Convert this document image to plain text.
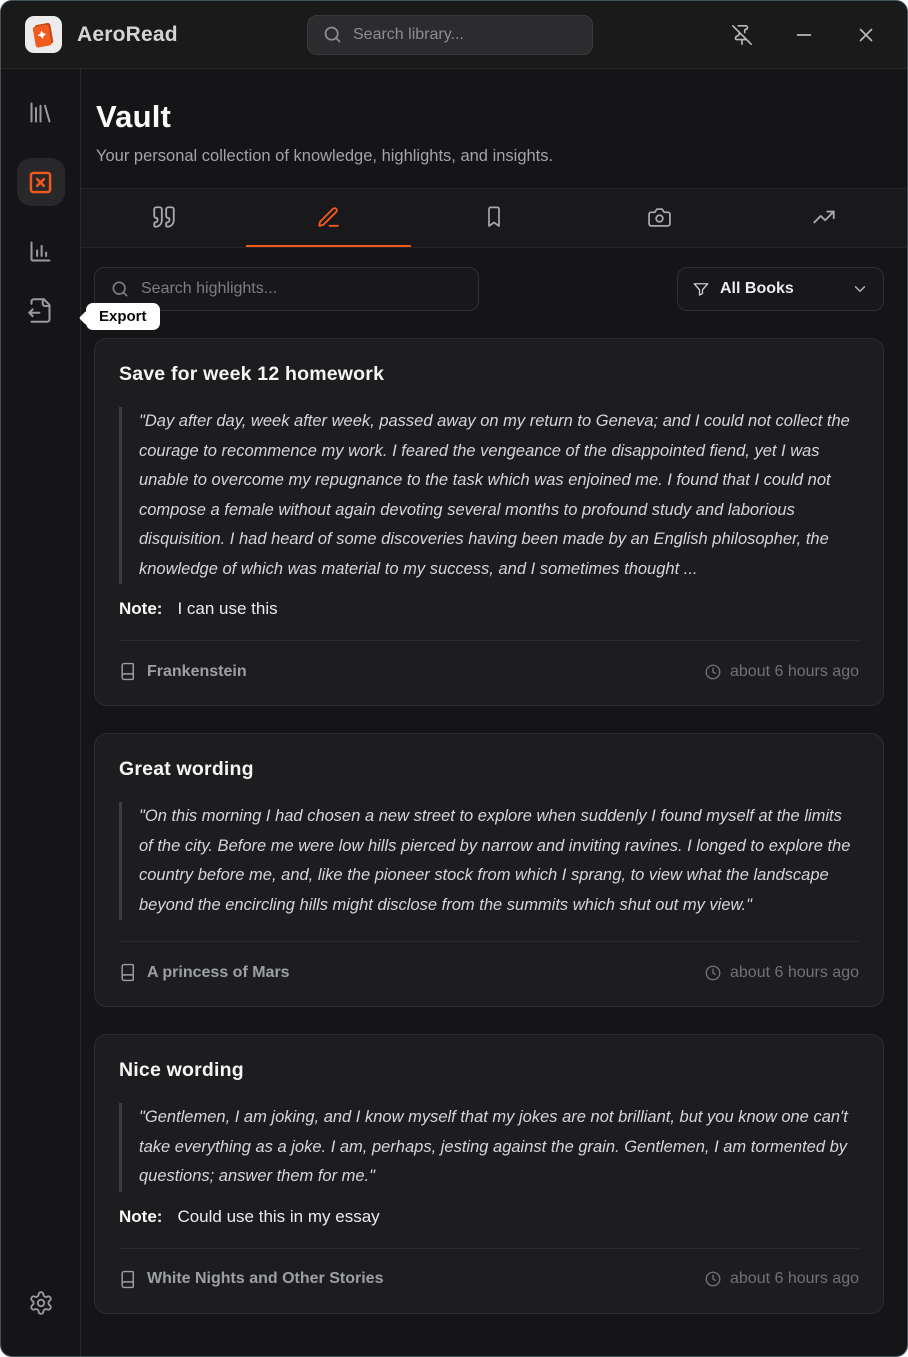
AeroRead
Search library...
Vault

Your personal collection of knowledge, highlights, and insights.

Search highlights...
All Books
Save for week 12 homework
"Day after day, week after week, passed away on my return to Geneva; and I could not collect the courage to recommence my work. I feared the vengeance of the disappointed fiend, yet I was unable to overcome my repugnance to the task which was enjoined me. I found that I could not compose a female without again devoting several months to profound study and laborious disquisition. I had heard of some discoveries having been made by an English philosopher, the knowledge of which was material to my success, and I sometimes thought ...
Note: I can use this
Frankenstein	about 6 hours ago
Great wording
"On this morning I had chosen a new street to explore when suddenly I found myself at the limits of the city. Before me were low hills pierced by narrow and inviting ravines. I longed to explore the country before me, and, like the pioneer stock from which I sprang, to view what the landscape beyond the encircling hills might disclose from the summits which shut out my view."
A princess of Mars	about 6 hours ago
Nice wording
"Gentlemen, I am joking, and I know myself that my jokes are not brilliant, but you know one can't take everything as a joke. I am, perhaps, jesting against the grain. Gentlemen, I am tormented by questions; answer them for me."
Note: Could use this in my essay
White Nights and Other Stories	about 6 hours ago
Export
